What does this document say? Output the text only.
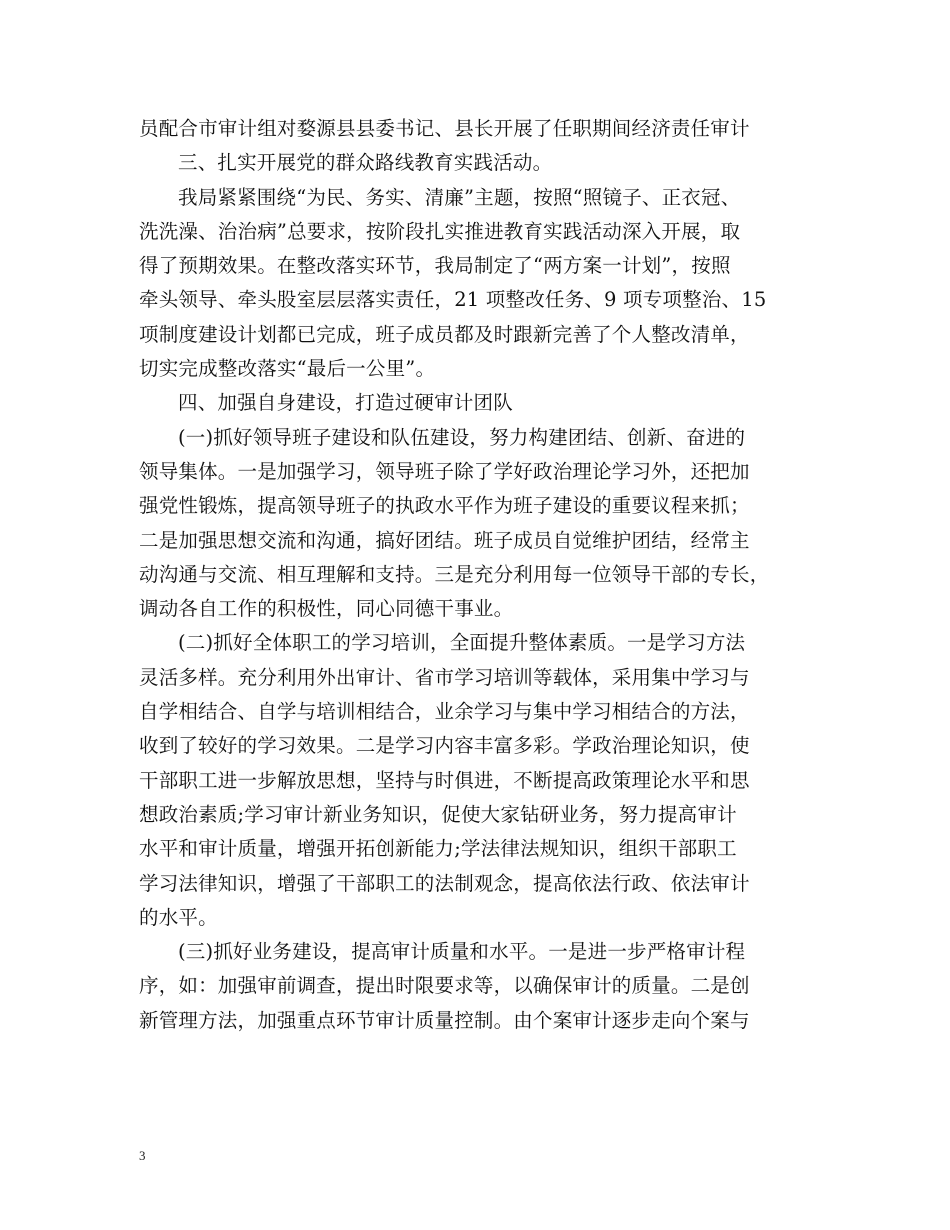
员配合市审计组对婺源县县委书记、县长开展了任职期间经济责任审计
三、扎实开展党的群众路线教育实践活动。
我局紧紧围绕“为民、务实、清廉”主题，按照“照镜子、正衣冠、
洗洗澡、治治病”总要求，按阶段扎实推进教育实践活动深入开展，取
得了预期效果。在整改落实环节，我局制定了“两方案一计划”，按照
牵头领导、牵头股室层层落实责任，21 项整改任务、9 项专项整治、15
项制度建设计划都已完成，班子成员都及时跟新完善了个人整改清单，
切实完成整改落实“最后一公里”。
四、加强自身建设，打造过硬审计团队
(一)抓好领导班子建设和队伍建设，努力构建团结、创新、奋进的
领导集体。一是加强学习，领导班子除了学好政治理论学习外，还把加
强党性锻炼，提高领导班子的执政水平作为班子建设的重要议程来抓；
二是加强思想交流和沟通，搞好团结。班子成员自觉维护团结，经常主
动沟通与交流、相互理解和支持。三是充分利用每一位领导干部的专长，
调动各自工作的积极性，同心同德干事业。
(二)抓好全体职工的学习培训，全面提升整体素质。一是学习方法
灵活多样。充分利用外出审计、省市学习培训等载体，采用集中学习与
自学相结合、自学与培训相结合，业余学习与集中学习相结合的方法，
收到了较好的学习效果。二是学习内容丰富多彩。学政治理论知识，使
干部职工进一步解放思想，坚持与时俱进，不断提高政策理论水平和思
想政治素质;学习审计新业务知识，促使大家钻研业务，努力提高审计
水平和审计质量，增强开拓创新能力;学法律法规知识，组织干部职工
学习法律知识，增强了干部职工的法制观念，提高依法行政、依法审计
的水平。
(三)抓好业务建设，提高审计质量和水平。一是进一步严格审计程
序，如：加强审前调查，提出时限要求等，以确保审计的质量。二是创
新管理方法，加强重点环节审计质量控制。由个案审计逐步走向个案与
3
